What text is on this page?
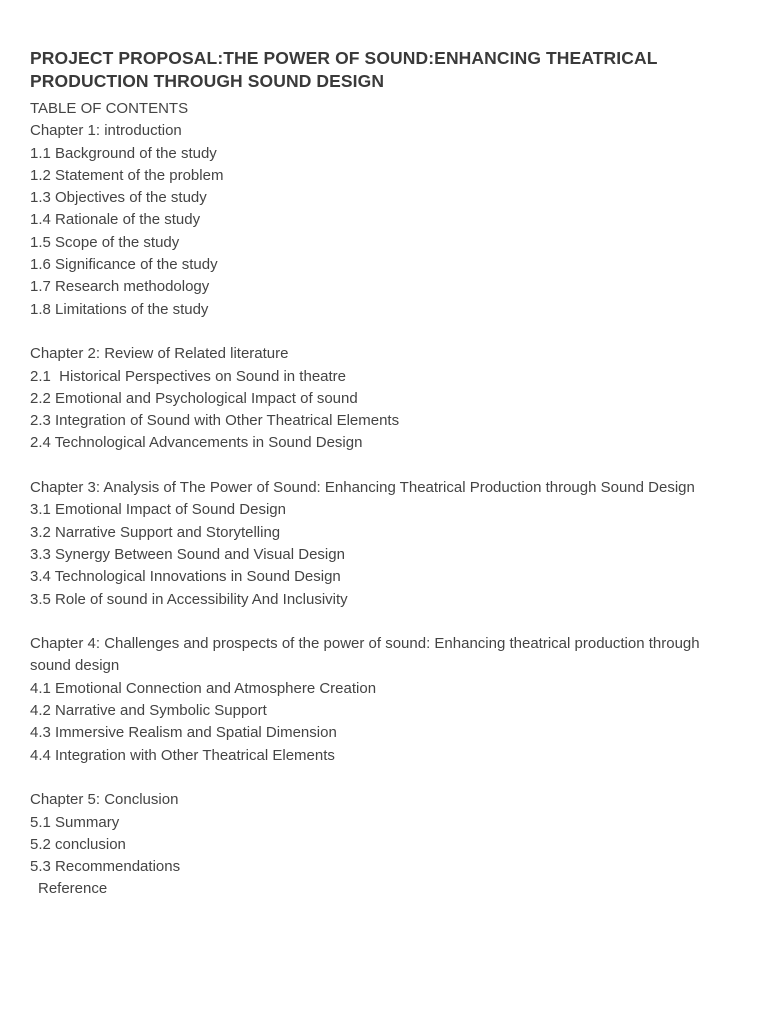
PROJECT PROPOSAL:THE POWER OF SOUND:ENHANCING THEATRICAL PRODUCTION THROUGH SOUND DESIGN
TABLE OF CONTENTS
Chapter 1: introduction
1.1 Background of the study
1.2 Statement of the problem
1.3 Objectives of the study
1.4 Rationale of the study
1.5 Scope of the study
1.6 Significance of the study
1.7 Research methodology
1.8 Limitations of the study
Chapter 2: Review of Related literature
2.1  Historical Perspectives on Sound in theatre
2.2 Emotional and Psychological Impact of sound
2.3 Integration of Sound with Other Theatrical Elements
2.4 Technological Advancements in Sound Design
Chapter 3: Analysis of The Power of Sound: Enhancing Theatrical Production through Sound Design
3.1 Emotional Impact of Sound Design
3.2 Narrative Support and Storytelling
3.3 Synergy Between Sound and Visual Design
3.4 Technological Innovations in Sound Design
3.5 Role of sound in Accessibility And Inclusivity
Chapter 4: Challenges and prospects of the power of sound: Enhancing theatrical production through sound design
4.1 Emotional Connection and Atmosphere Creation
4.2 Narrative and Symbolic Support
4.3 Immersive Realism and Spatial Dimension
4.4 Integration with Other Theatrical Elements
Chapter 5: Conclusion
5.1 Summary
5.2 conclusion
5.3 Recommendations
Reference
